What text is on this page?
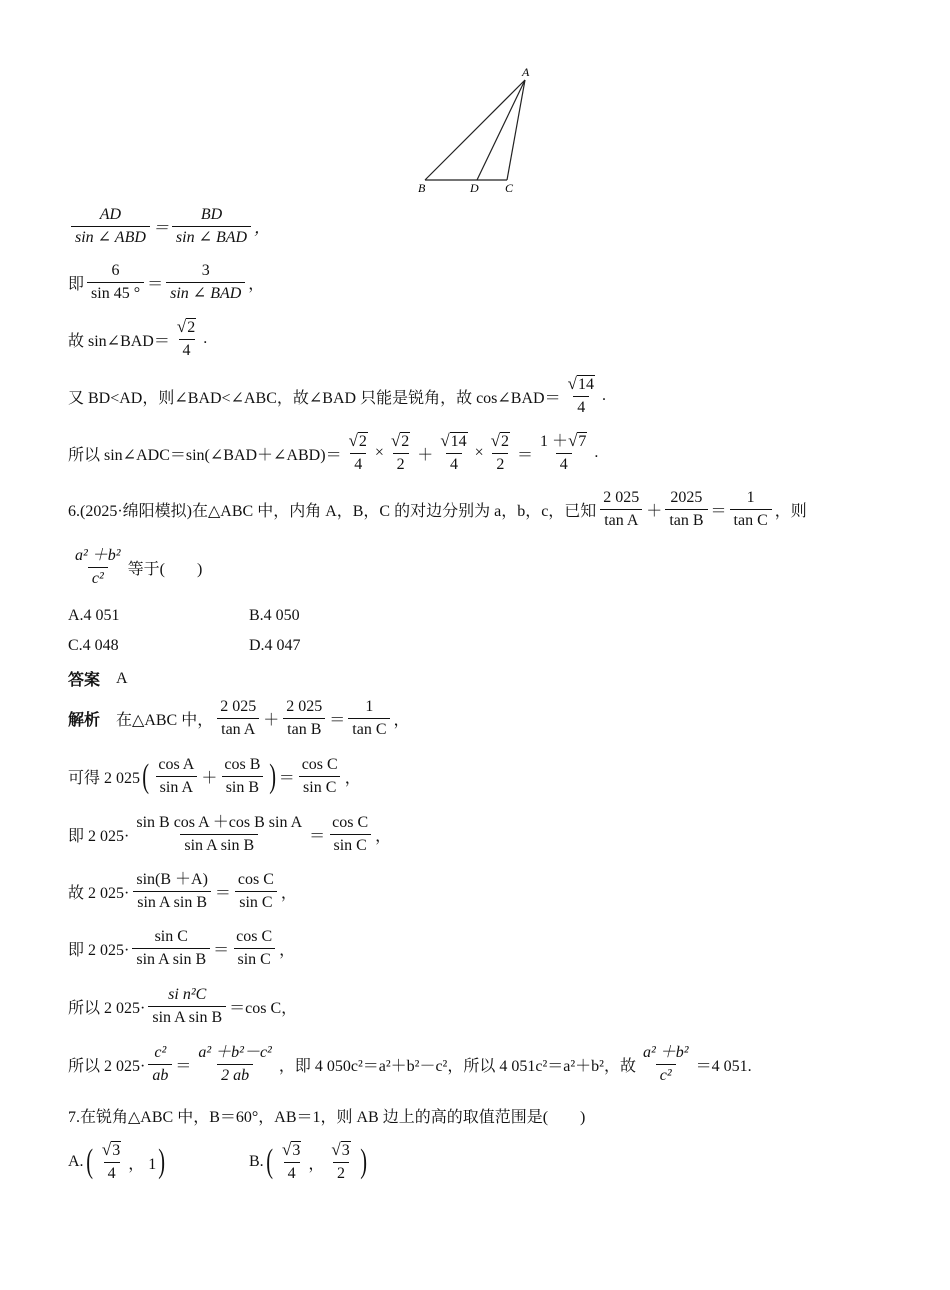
A
B	D C
$\frac{AD}{\text{sin ∠ ABD}} = \frac{BD}{\text{sin ∠ BAD}}$ ，
即 $\frac{6}{\sin 45 ^\circ} = \frac{3}{\text{sin ∠ BAD}}$ ，
故 sin∠BAD＝ $\frac{√ 2}{4}$ .
又 BD<AD，则∠BAD<∠ABC，故∠BAD 只能是锐角，故 cos∠BAD＝ $\frac{√ 14}{4}$ .
所以 sin∠ADC＝sin(∠BAD＋∠ABD)＝ $\frac{√ 2}{4} \times \frac{√ 2}{2} + \frac{√ 14}{4} \times \frac{√ 2}{2} = \frac{1 + √ 7}{4}$ .
6.(2025·绵阳模拟)在△ABC 中，内角 A，B，C 的对边分别为 a，b，c，已知 $\frac{2 025}{\text{tan A}} + \frac{2025}{\text{tan B}} = \frac{1}{\text{tan C}}$ ，则
$\frac{\text{a² ＋b²}}{\text{c²}}$ 等于(　　)
A.4 051	B.4 050
C.4 048	D.4 047
答案 A
解析 在△ABC 中， $\frac{2 025}{\text{tan A}} + \frac{2 025}{\text{tan B}} = \frac{1}{\text{tan C}}$ ，
可得 2 025 ( $\frac{\text{cos A}}{\text{sin A}} + \frac{\text{cos B}}{\text{sin B}}$ ) ＝ $\frac{\text{cos C}}{\text{sin C}}$ ，
即 2 $025\cdot \frac{\text{sin B cos A ＋cos B sin A}}{\text{sin A sin B}} = \frac{\text{cos C}}{\text{sin C}}$ ，
故 2 $025\cdot \frac{\sin(B +A)}{\text{sin A sin B}} = \frac{\text{cos C}}{\text{sin C}}$ ，
即 2 $025\cdot \frac{\text{sin C}}{\text{sin A sin B}} = \frac{\text{cos C}}{\text{sin C}}$ ，
所以 2 $025\cdot \frac{\text{si n²C}}{\text{sin A sin B}} =\cos$ C，
所以 2 $025\cdot \frac{\text{c²}}{ab} = \frac{\text{a² ＋b²－c²}}{2 ab}$ ，即 4 050c²＝a²＋b²－c²，所以 4 051c²＝a²＋b²，故 $\frac{\text{a² ＋b²}}{\text{c²}} =4$ 051.
7.在锐角△ABC 中，B＝60°，AB＝1，则 AB 边上的高的取值范围是(　　)
A. ( $\frac{√ 3}{4}$ ， 1 )	B. ( $\frac{√ 3}{4}$ ， $\frac{√ 3}{2}$ )
